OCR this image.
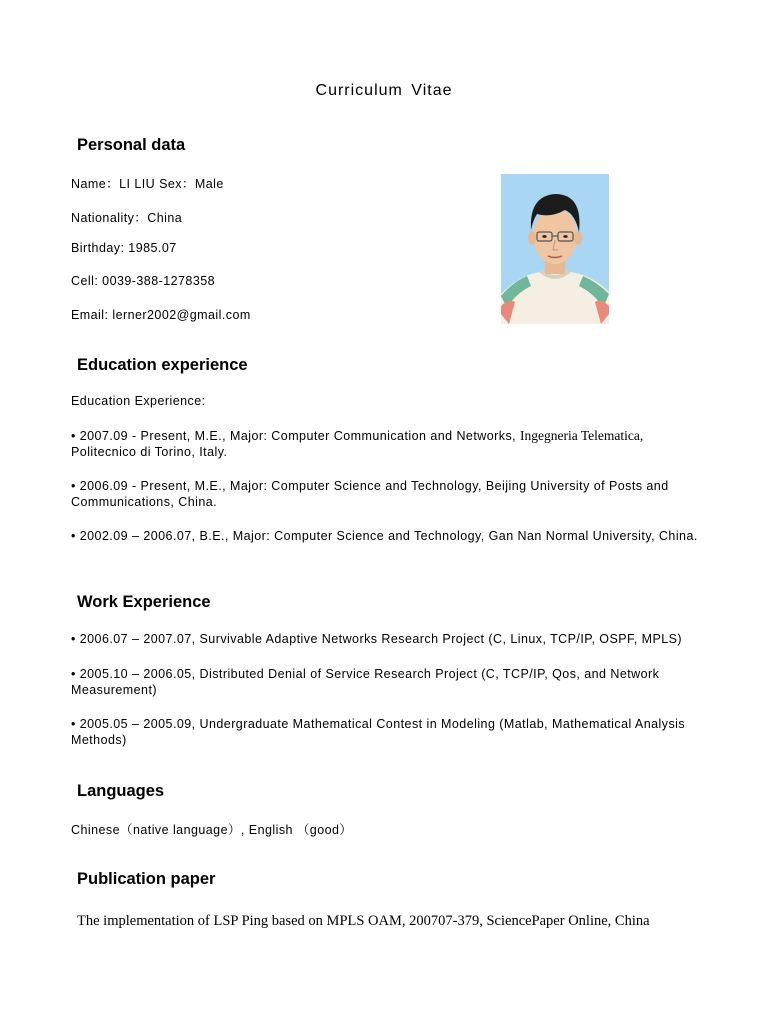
Curriculum Vitae
Personal data
Name：LI LIU Sex：Male
Nationality：China
Birthday: 1985.07
Cell: 0039-388-1278358
Email: lerner2002@gmail.com
Education experience
Education Experience:
• 2007.09 - Present, M.E., Major: Computer Communication and Networks, Ingegneria Telematica,
Politecnico di Torino, Italy.
• 2006.09 - Present, M.E., Major: Computer Science and Technology, Beijing University of Posts and Communications, China.
• 2002.09 – 2006.07, B.E., Major: Computer Science and Technology, Gan Nan Normal University, China.
Work Experience
• 2006.07 – 2007.07, Survivable Adaptive Networks Research Project (C, Linux, TCP/IP, OSPF, MPLS)
• 2005.10 – 2006.05, Distributed Denial of Service Research Project (C, TCP/IP, Qos, and Network Measurement)
• 2005.05 – 2005.09, Undergraduate Mathematical Contest in Modeling (Matlab, Mathematical Analysis Methods)
Languages
Chinese（native language）, English （good）
Publication paper
The implementation of LSP Ping based on MPLS OAM, 200707-379, SciencePaper Online, China
